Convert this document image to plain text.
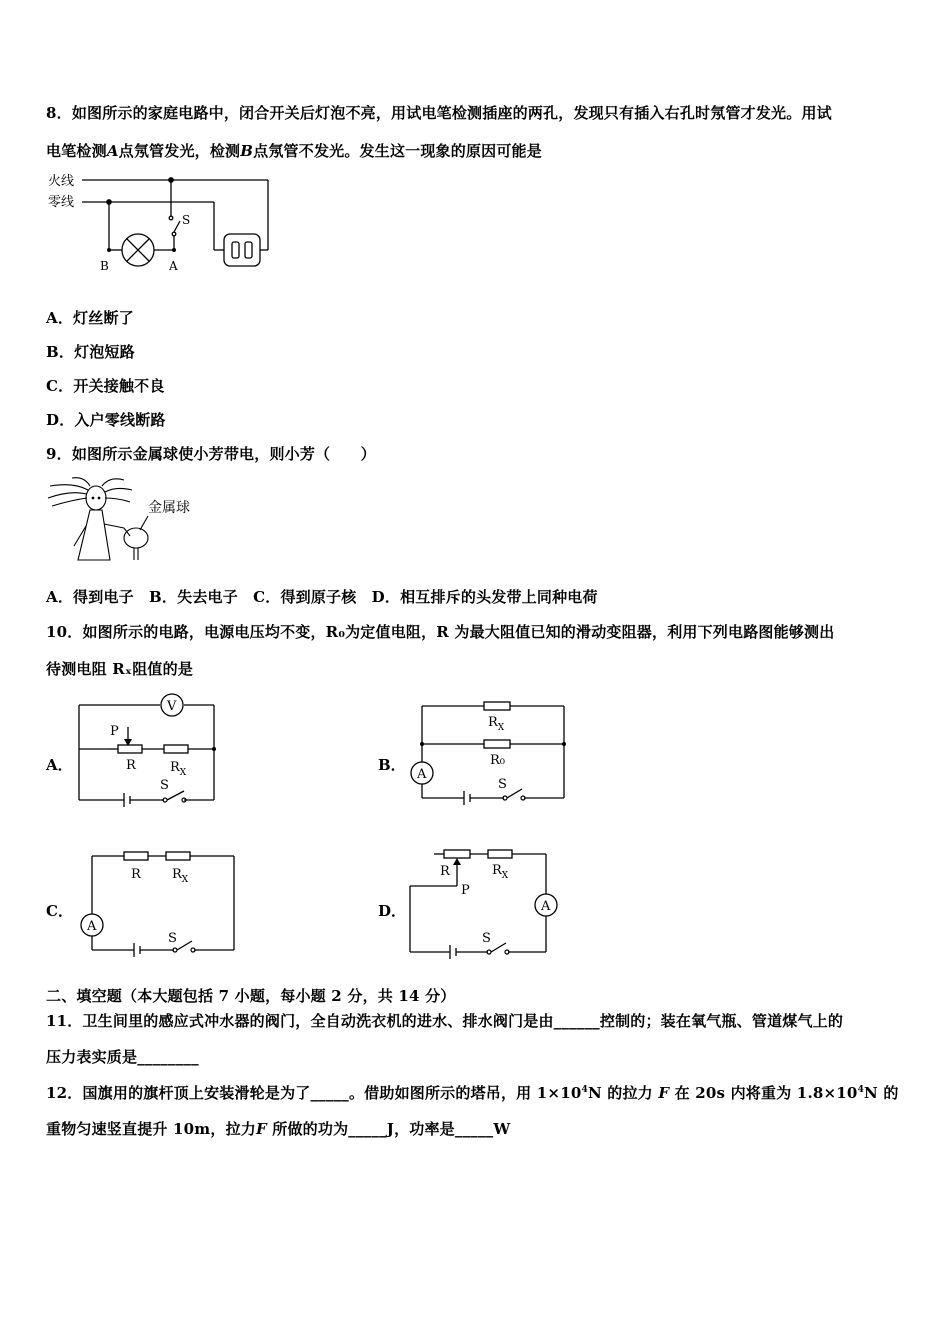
8．如图所示的家庭电路中，闭合开关后灯泡不亮，用试电笔检测插座的两孔，发现只有插入右孔时氖管才发光。用试
电笔检测A点氖管发光，检测B点氖管不发光。发生这一现象的原因可能是
火线
零线
S
B	A
A．灯丝断了
B．灯泡短路
C．开关接触不良
D．入户零线断路
9．如图所示金属球使小芳带电，则小芳（　　）
金属球
A．得到电子　B．失去电子　C．得到原子核　D．相互排斥的头发带上同种电荷
10．如图所示的电路，电源电压均不变，R₀为定值电阻，R 为最大阻值已知的滑动变阻器，利用下列电路图能够测出
待测电阻 Rₓ阻值的是
A．
V
P
R	$R_X$
S
B．
A
$R_X$
R₀
S
C．
A
R $R_X$
S
D．	A
R
P
$R_X$
S
二、填空题（本大题包括 7 小题，每小题 2 分，共 14 分）
11．卫生间里的感应式冲水器的阀门，全自动洗衣机的进水、排水阀门是由______控制的；装在氧气瓶、管道煤气上的
压力表实质是________
12．国旗用的旗杆顶上安装滑轮是为了_____。借助如图所示的塔吊，用 $1\times 10^4N$ 的拉力 F 在 20s 内将重为 $1.8\times 10^4N$ 的
重物匀速竖直提升 10m，拉力F 所做的功为_____J，功率是_____W
